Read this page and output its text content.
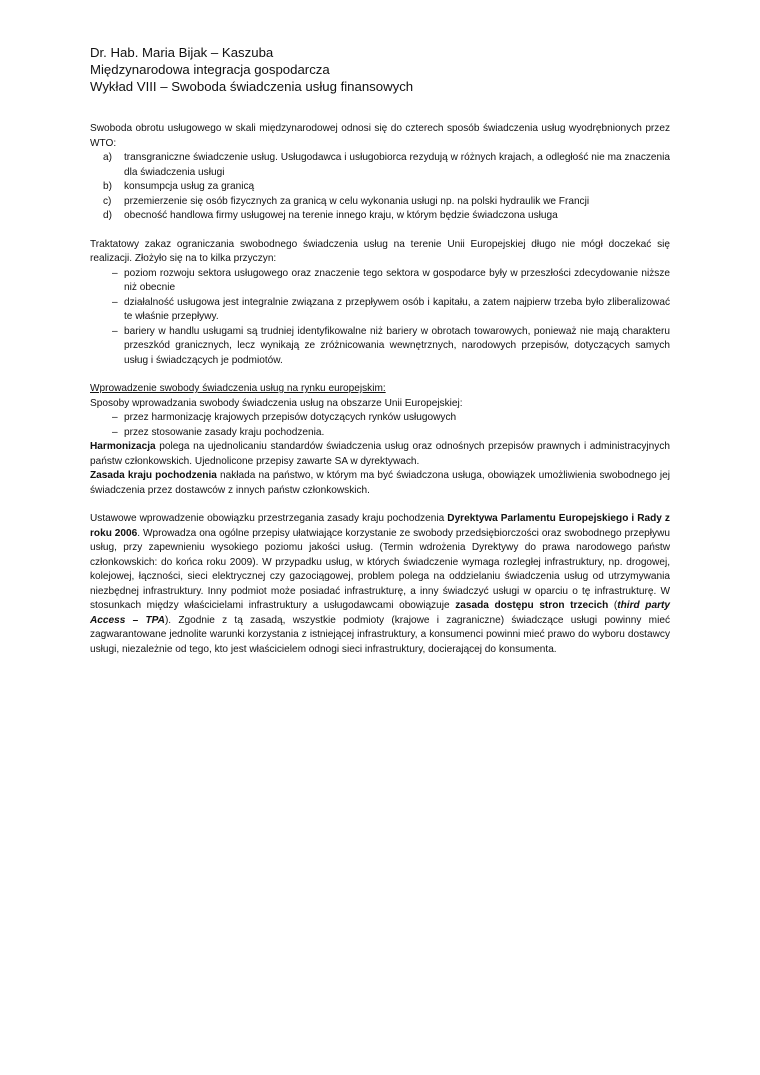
Dr. Hab. Maria Bijak – Kaszuba
Międzynarodowa integracja gospodarcza
Wykład VIII – Swoboda świadczenia usług finansowych

Swoboda obrotu usługowego w skali międzynarodowej odnosi się do czterech sposób świadczenia usług wyodrębnionych przez WTO:

a) transgraniczne świadczenie usług. Usługodawca i usługobiorca rezydują w różnych krajach, a odległość nie ma znaczenia dla świadczenia usługi
b) konsumpcja usług za granicą
c) przemierzenie się osób fizycznych za granicą w celu wykonania usługi np. na polski hydraulik we Francji
d) obecność handlowa firmy usługowej na terenie innego kraju, w którym będzie świadczona usługa

Traktatowy zakaz ograniczania swobodnego świadczenia usług na terenie Unii Europejskiej długo nie mógł doczekać się realizacji. Złożyło się na to kilka przyczyn:

– poziom rozwoju sektora usługowego oraz znaczenie tego sektora w gospodarce były w przeszłości zdecydowanie niższe niż obecnie
– działalność usługowa jest integralnie związana z przepływem osób i kapitału, a zatem najpierw trzeba było zliberalizować te właśnie przepływy.
– bariery w handlu usługami są trudniej identyfikowalne niż bariery w obrotach towarowych, ponieważ nie mają charakteru przeszkód granicznych, lecz wynikają ze zróżnicowania wewnętrznych, narodowych przepisów, dotyczących samych usług i świadczących je podmiotów.

Wprowadzenie swobody świadczenia usług na rynku europejskim:

Sposoby wprowadzania swobody świadczenia usług na obszarze Unii Europejskiej:

– przez harmonizację krajowych przepisów dotyczących rynków usługowych
– przez stosowanie zasady kraju pochodzenia.

Harmonizacja polega na ujednolicaniu standardów świadczenia usług oraz odnośnych przepisów prawnych i administracyjnych państw członkowskich. Ujednolicone przepisy zawarte SA w dyrektywach.

Zasada kraju pochodzenia nakłada na państwo, w którym ma być świadczona usługa, obowiązek umożliwienia swobodnego jej świadczenia przez dostawców z innych państw członkowskich.

Ustawowe wprowadzenie obowiązku przestrzegania zasady kraju pochodzenia Dyrektywa Parlamentu Europejskiego i Rady z roku 2006. Wprowadza ona ogólne przepisy ułatwiające korzystanie ze swobody przedsiębiorczości oraz swobodnego przepływu usług, przy zapewnieniu wysokiego poziomu jakości usług. (Termin wdrożenia Dyrektywy do prawa narodowego państw członkowskich: do końca roku 2009). W przypadku usług, w których świadczenie wymaga rozległej infrastruktury, np. drogowej, kolejowej, łączności, sieci elektrycznej czy gazociągowej, problem polega na oddzielaniu świadczenia usług od utrzymywania niezbędnej infrastruktury. Inny podmiot może posiadać infrastrukturę, a inny świadczyć usługi w oparciu o tę infrastrukturę. W stosunkach między właścicielami infrastruktury a usługodawcami obowiązuje zasada dostępu stron trzecich (third party Access – TPA). Zgodnie z tą zasadą, wszystkie podmioty (krajowe i zagraniczne) świadczące usługi powinny mieć zagwarantowane jednolite warunki korzystania z istniejącej infrastruktury, a konsumenci powinni mieć prawo do wyboru dostawcy usługi, niezależnie od tego, kto jest właścicielem odnogi sieci infrastruktury, docierającej do konsumenta.
